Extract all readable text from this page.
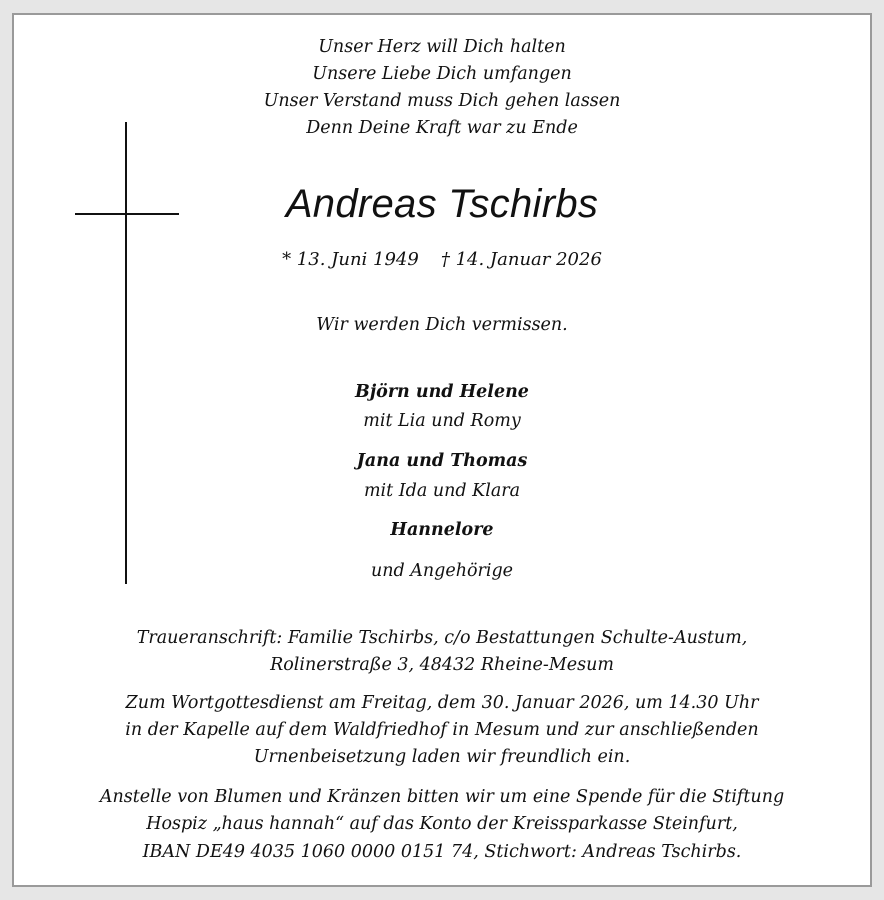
Unser Herz will Dich halten
Unsere Liebe Dich umfangen
Unser Verstand muss Dich gehen lassen
Denn Deine Kraft war zu Ende
Andreas Tschirbs
* 13. Juni 1949 † 14. Januar 2026
Wir werden Dich vermissen.
Björn und Helene
mit Lia und Romy
Jana und Thomas
mit Ida und Klara
Hannelore
und Angehörige
Traueranschrift: Familie Tschirbs, c/o Bestattungen Schulte-Austum,
Rolinerstraße 3, 48432 Rheine-Mesum
Zum Wortgottesdienst am Freitag, dem 30. Januar 2026, um 14.30 Uhr
in der Kapelle auf dem Waldfriedhof in Mesum und zur anschließenden
Urnenbeisetzung laden wir freundlich ein.
Anstelle von Blumen und Kränzen bitten wir um eine Spende für die Stiftung
Hospiz „haus hannah“ auf das Konto der Kreissparkasse Steinfurt,
IBAN DE49 4035 1060 0000 0151 74, Stichwort: Andreas Tschirbs.
